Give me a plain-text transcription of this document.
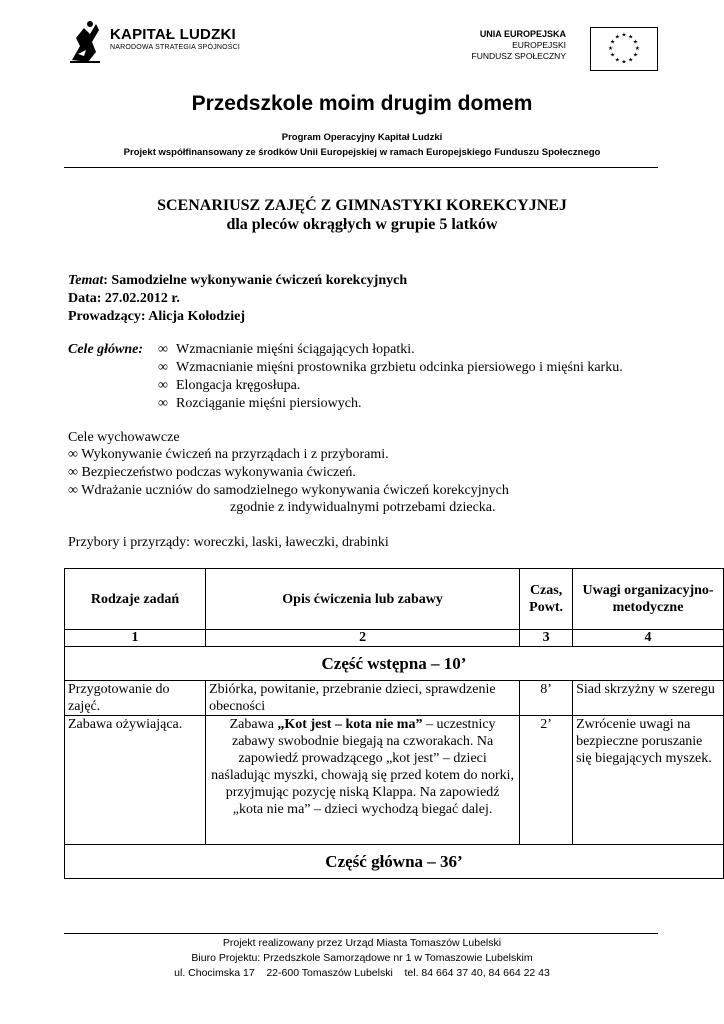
KAPITAŁ LUDZKI
NARODOWA STRATEGIA SPÓJNOŚCI
UNIA EUROPEJSKA
EUROPEJSKI
FUNDUSZ SPOŁECZNY
★ ★
★
★
★
★
★
★
★
★
★
★
Przedszkole moim drugim domem
Program Operacyjny Kapitał Ludzki
Projekt współfinansowany ze środków Unii Europejskiej w ramach Europejskiego Funduszu Społecznego
SCENARIUSZ ZAJĘĆ Z GIMNASTYKI KOREKCYJNEJ
dla pleców okrągłych w grupie 5 latków
Temat: Samodzielne wykonywanie ćwiczeń korekcyjnych
Data: 27.02.2012 r.
Prowadzący: Alicja Kołodziej
Cele główne: ∞ Wzmacnianie mięśni ściągających łopatki.
∞ Wzmacnianie mięśni prostownika grzbietu odcinka piersiowego i mięśni karku.
∞ Elongacja kręgosłupa.
∞ Rozciąganie mięśni piersiowych.
Cele wychowawcze
∞ Wykonywanie ćwiczeń na przyrządach i z przyborami.
∞ Bezpieczeństwo podczas wykonywania ćwiczeń.
∞ Wdrażanie uczniów do samodzielnego wykonywania ćwiczeń korekcyjnych
zgodnie z indywidualnymi potrzebami dziecka.
Przybory i przyrządy: woreczki, laski, ławeczki, drabinki
Rodzaje zadań	Opis ćwiczenia lub zabawy	Czas, Powt.	Uwagi organizacyjno-metodyczne
1	2	3	4
Część wstępna – 10’			
Przygotowanie do zajęć.	Zbiórka, powitanie, przebranie dzieci, sprawdzenie obecności	8’	Siad skrzyżny w szeregu
Zabawa ożywiająca.	Zabawa „Kot jest – kota nie ma” – uczestnicy zabawy swobodnie biegają na czworakach. Na zapowiedź prowadzącego „kot jest” – dzieci naśladując myszki, chowają się przed kotem do norki, przyjmując pozycję niską Klappa. Na zapowiedź „kota nie ma” – dzieci wychodzą biegać dalej.	2’	Zwrócenie uwagi na bezpieczne poruszanie się biegających myszek.
Część główna – 36’			
Projekt realizowany przez Urząd Miasta Tomaszów Lubelski
Biuro Projektu: Przedszkole Samorządowe nr 1 w Tomaszowie Lubelskim
ul. Chocimska 17    22-600 Tomaszów Lubelski    tel. 84 664 37 40, 84 664 22 43
